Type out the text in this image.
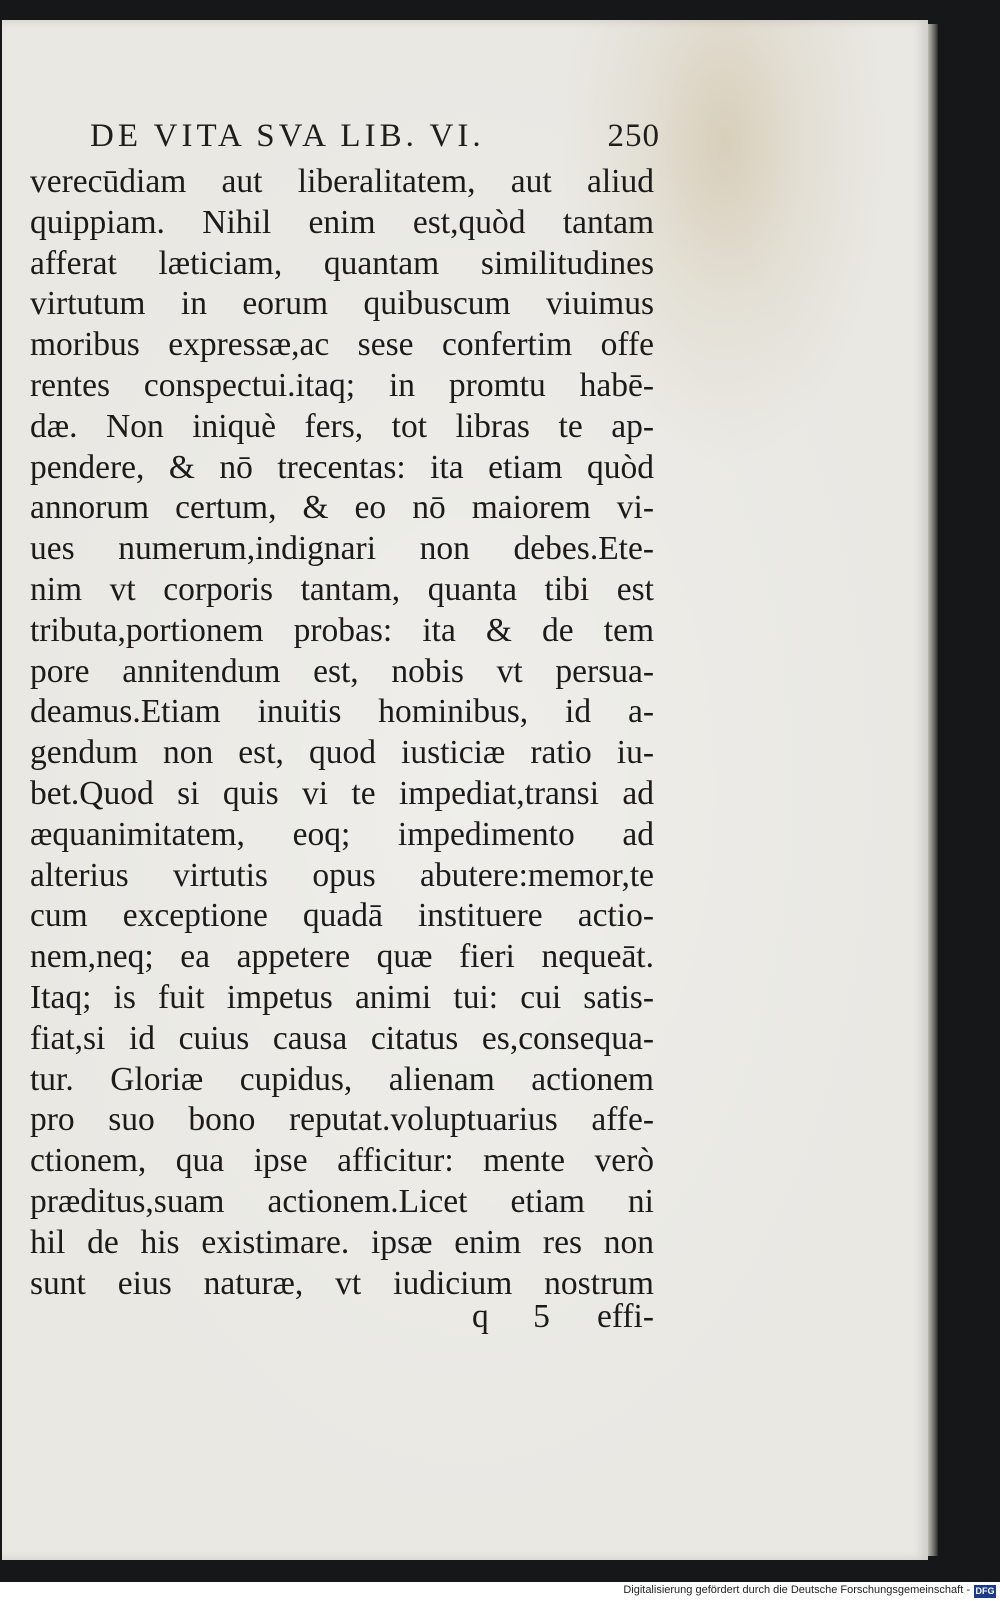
DE VITA SVA LIB. VI.	250
verecūdiam aut liberalitatem, aut aliud
quippiam. Nihil enim est,quòd tantam
afferat læticiam, quantam similitudines
virtutum in eorum quibuscum viuimus
moribus expressæ,ac sese confertim offe
rentes conspectui.itaq; in promtu habē-
dæ. Non iniquè fers, tot libras te ap-
pendere, & nō trecentas: ita etiam quòd
annorum certum, & eo nō maiorem vi-
ues numerum,indignari non debes.Ete-
nim vt corporis tantam, quanta tibi est
tributa,portionem probas: ita & de tem
pore annitendum est, nobis vt persua-
deamus.Etiam inuitis hominibus, id a-
gendum non est, quod iusticiæ ratio iu-
bet.Quod si quis vi te impediat,transi ad
æquanimitatem, eoq; impedimento ad
alterius virtutis opus abutere:memor,te
cum exceptione quadā instituere actio-
nem,neq; ea appetere quæ fieri nequeāt.
Itaq; is fuit impetus animi tui: cui satis-
fiat,si id cuius causa citatus es,consequa-
tur. Gloriæ cupidus, alienam actionem
pro suo bono reputat.voluptuarius affe-
ctionem, qua ipse afficitur: mente verò
præditus,suam actionem.Licet etiam ni
hil de his existimare. ipsæ enim res non
sunt eius naturæ, vt iudicium nostrum
q 5 effi-
Digitalisierung gefördert durch die Deutsche Forschungsgemeinschaft - DFG
